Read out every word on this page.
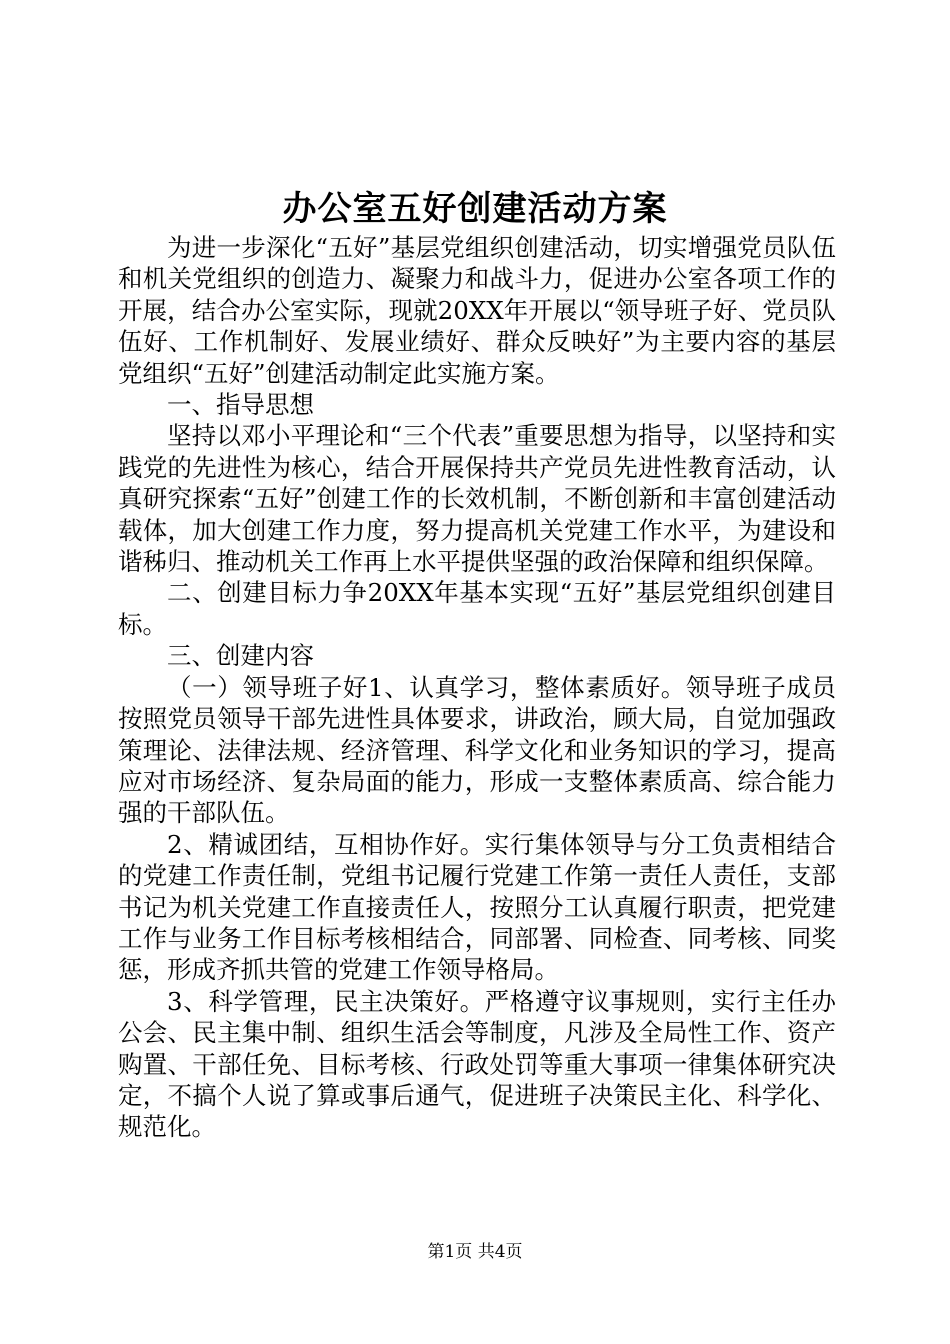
办公室五好创建活动方案

为进一步深化“五好”基层党组织创建活动，切实增强党员队伍和机关党组织的创造力、凝聚力和战斗力，促进办公室各项工作的开展，结合办公室实际，现就20XX年开展以“领导班子好、党员队伍好、工作机制好、发展业绩好、群众反映好”为主要内容的基层党组织“五好”创建活动制定此实施方案。

一、指导思想

坚持以邓小平理论和“三个代表”重要思想为指导，以坚持和实践党的先进性为核心，结合开展保持共产党员先进性教育活动，认真研究探索“五好”创建工作的长效机制，不断创新和丰富创建活动载体，加大创建工作力度，努力提高机关党建工作水平，为建设和谐秭归、推动机关工作再上水平提供坚强的政治保障和组织保障。

二、创建目标力争20XX年基本实现“五好”基层党组织创建目标。

三、创建内容

（一）领导班子好1、认真学习，整体素质好。领导班子成员按照党员领导干部先进性具体要求，讲政治，顾大局，自觉加强政策理论、法律法规、经济管理、科学文化和业务知识的学习，提高应对市场经济、复杂局面的能力，形成一支整体素质高、综合能力强的干部队伍。

2、精诚团结，互相协作好。实行集体领导与分工负责相结合的党建工作责任制，党组书记履行党建工作第一责任人责任，支部书记为机关党建工作直接责任人，按照分工认真履行职责，把党建工作与业务工作目标考核相结合，同部署、同检查、同考核、同奖惩，形成齐抓共管的党建工作领导格局。

3、科学管理，民主决策好。严格遵守议事规则，实行主任办公会、民主集中制、组织生活会等制度，凡涉及全局性工作、资产购置、干部任免、目标考核、行政处罚等重大事项一律集体研究决定，不搞个人说了算或事后通气，促进班子决策民主化、科学化、规范化。

第1页 共4页
